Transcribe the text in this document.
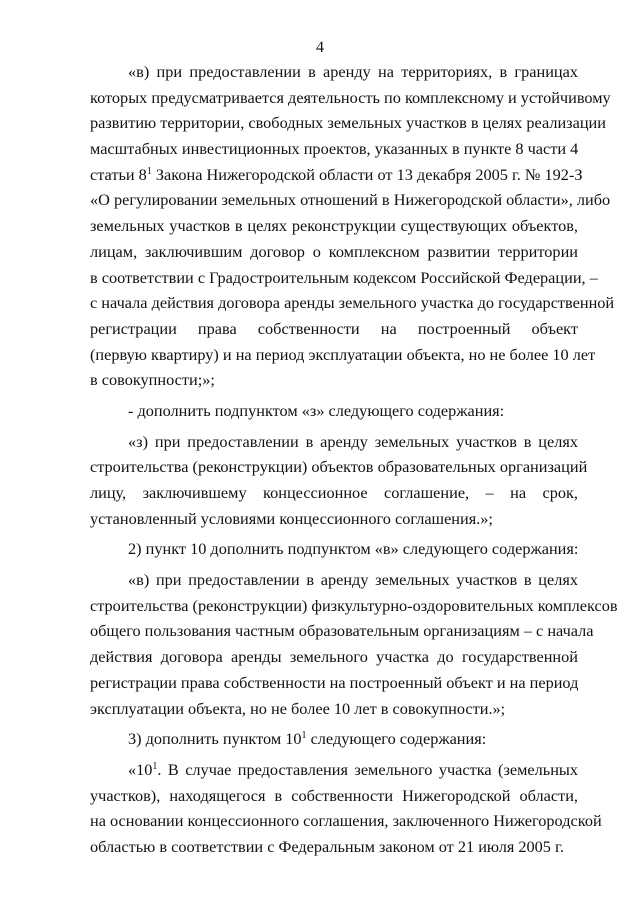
4
«в) при предоставлении в аренду на территориях, в границах
которых предусматривается деятельность по комплексному и устойчивому
развитию территории, свободных земельных участков в целях реализации
масштабных инвестиционных проектов, указанных в пункте 8 части 4
статьи $8^1$ Закона Нижегородской области от 13 декабря 2005 г. № 192-З
«О регулировании земельных отношений в Нижегородской области», либо
земельных участков в целях реконструкции существующих объектов,
лицам, заключившим договор о комплексном развитии территории
в соответствии с Градостроительным кодексом Российской Федерации, –
с начала действия договора аренды земельного участка до государственной
регистрации права собственности на построенный объект
(первую квартиру) и на период эксплуатации объекта, но не более 10 лет
в совокупности;»;
- дополнить подпунктом «з» следующего содержания:
«з) при предоставлении в аренду земельных участков в целях
строительства (реконструкции) объектов образовательных организаций
лицу, заключившему концессионное соглашение, – на срок,
установленный условиями концессионного соглашения.»;
2) пункт 10 дополнить подпунктом «в» следующего содержания:
«в) при предоставлении в аренду земельных участков в целях
строительства (реконструкции) физкультурно-оздоровительных комплексов
общего пользования частным образовательным организациям – с начала
действия договора аренды земельного участка до государственной
регистрации права собственности на построенный объект и на период
эксплуатации объекта, но не более 10 лет в совокупности.»;
3) дополнить пунктом $10^1$ следующего содержания:
«$10^1$. В случае предоставления земельного участка (земельных
участков), находящегося в собственности Нижегородской области,
на основании концессионного соглашения, заключенного Нижегородской
областью в соответствии с Федеральным законом от 21 июля 2005 г.
